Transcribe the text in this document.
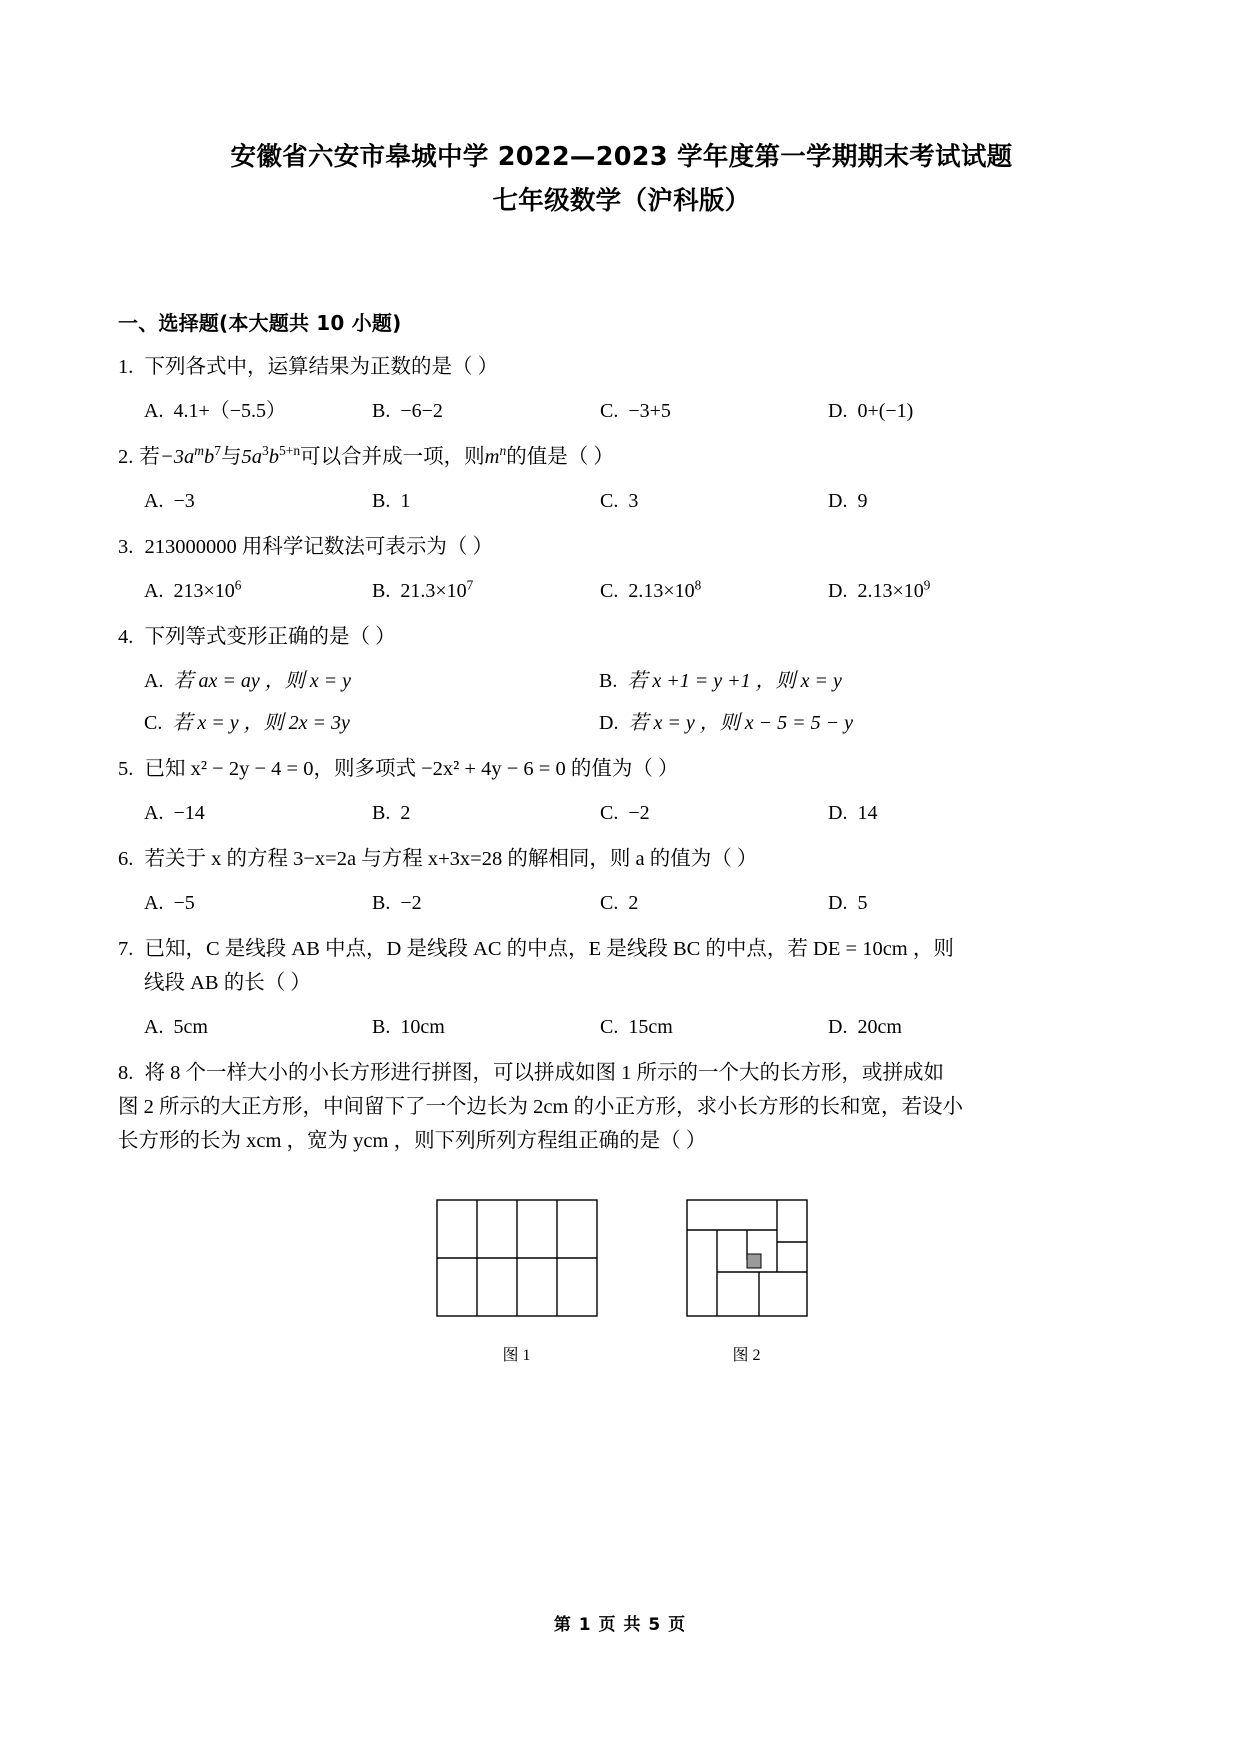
安徽省六安市皋城中学 2022—2023 学年度第一学期期末考试试题
七年级数学（沪科版）
一、选择题(本大题共 10 小题)
1. 下列各式中，运算结果为正数的是（ ）
A. 4.1+（−5.5）	B. −6−2	C. −3+5	D. 0+(−1)
2. 若$-3a^mb^7$与$5a^3b^{5+n}$可以合并成一项，则$m^n$的值是（ ）
A. −3	B. 1	C. 3	D. 9
3. 213000000 用科学记数法可表示为（ ）
A. $213\times 10^6$	B. $21.3\times 10^7$	C. $2.13\times 10^8$	D. $2.13\times 10^9$
4. 下列等式变形正确的是（ ）
A. 若 ax = ay ，则 x = y	B. 若 x +1 = y +1 ，则 x = y
C. 若 x = y ，则 2x = 3y	D. 若 x = y ，则 x − 5 = 5 − y
5. 已知 x² − 2y − 4 = 0，则多项式 −2x² + 4y − 6 = 0 的值为（ ）
A. −14	B. 2	C. −2	D. 14
6. 若关于 x 的方程 3−x=2a 与方程 x+3x=28 的解相同，则 a 的值为（ ）
A. −5	B. −2	C. 2	D. 5
7. 已知，C 是线段 AB 中点，D 是线段 AC 的中点，E 是线段 BC 的中点，若 DE = 10cm ，则
线段 AB 的长（ ）
A. 5cm	B. 10cm	C. 15cm	D. 20cm
8. 将 8 个一样大小的小长方形进行拼图，可以拼成如图 1 所示的一个大的长方形，或拼成如
图 2 所示的大正方形，中间留下了一个边长为 2cm 的小正方形，求小长方形的长和宽，若设小
长方形的长为 xcm ，宽为 ycm ，则下列所列方程组正确的是（ ）
图 1	图 2
第 1 页 共 5 页
